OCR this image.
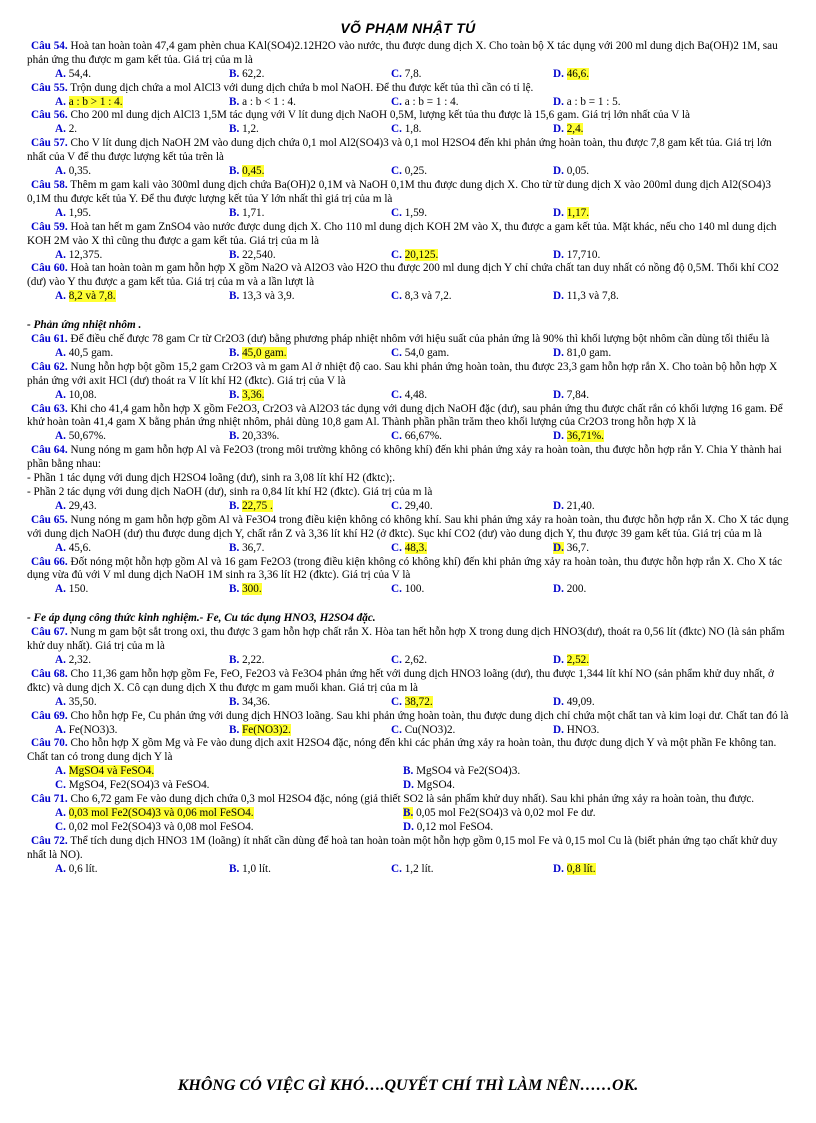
VÕ PHẠM NHẬT TÚ
Câu 54. Hoà tan hoàn toàn 47,4 gam phèn chua KAl(SO4)2.12H2O vào nước, thu được dung dịch X. Cho toàn bộ X tác dụng với 200 ml dung dịch Ba(OH)2 1M, sau phản ứng thu được m gam kết tủa. Giá trị của m là
A. 54,4.	B. 62,2.	C. 7,8.	D. 46,6.
Câu 55. Trộn dung dịch chứa a mol AlCl3 với dung dịch chứa b mol NaOH. Để thu được kết tủa thì cần có tỉ lệ.
A. a : b > 1 : 4.	B. a : b < 1 : 4.	C. a : b = 1 : 4.	D. a : b = 1 : 5.
Câu 56. Cho 200 ml dung dịch AlCl3 1,5M tác dụng với V lít dung dịch NaOH 0,5M, lượng kết tủa thu được là 15,6 gam. Giá trị lớn nhất của V là
A. 2.	B. 1,2.	C. 1,8.	D. 2,4.
Câu 57. Cho V lít dung dịch NaOH 2M vào dung dịch chứa 0,1 mol Al2(SO4)3 và 0,1 mol H2SO4 đến khi phản ứng hoàn toàn, thu được 7,8 gam kết tủa. Giá trị lớn nhất của V để thu được lượng kết tủa trên là
A. 0,35.	B. 0,45.	C. 0,25.	D. 0,05.
Câu 58. Thêm m gam kali vào 300ml dung dịch chứa Ba(OH)2 0,1M và NaOH 0,1M thu được dung dịch X. Cho từ từ dung dịch X vào 200ml dung dịch Al2(SO4)3 0,1M thu được kết tủa Y. Để thu được lượng kết tủa Y lớn nhất thì giá trị của m là
A. 1,95.	B. 1,71.	C. 1,59.	D. 1,17.
Câu 59. Hoà tan hết m gam ZnSO4 vào nước được dung dịch X. Cho 110 ml dung dịch KOH 2M vào X, thu được a gam kết tủa. Mặt khác, nếu cho 140 ml dung dịch KOH 2M vào X thì cũng thu được a gam kết tủa. Giá trị của m là
A. 12,375.	B. 22,540.	C. 20,125.	D. 17,710.
Câu 60. Hoà tan hoàn toàn m gam hỗn hợp X gồm Na2O và Al2O3 vào H2O thu được 200 ml dung dịch Y chỉ chứa chất tan duy nhất có nồng độ 0,5M. Thổi khí CO2 (dư) vào Y thu được a gam kết tủa. Giá trị của m và a lần lượt là
A. 8,2 và 7,8.	B. 13,3 và 3,9.	C. 8,3 và 7,2.	D. 11,3 và 7,8.
- Phản ứng nhiệt nhôm .
Câu 61. Để điều chế được 78 gam Cr từ Cr2O3 (dư) bằng phương pháp nhiệt nhôm với hiệu suất của phản ứng là 90% thì khối lượng bột nhôm cần dùng tối thiểu là
A. 40,5 gam.	B. 45,0 gam.	C. 54,0 gam.	D. 81,0 gam.
Câu 62. Nung hỗn hợp bột gồm 15,2 gam Cr2O3 và m gam Al ở nhiệt độ cao. Sau khi phản ứng hoàn toàn, thu được 23,3 gam hỗn hợp rắn X. Cho toàn bộ hỗn hợp X phản ứng với axit HCl (dư) thoát ra V lít khí H2 (đktc). Giá trị của V là
A. 10,08.	B. 3,36.	C. 4,48.	D. 7,84.
Câu 63. Khi cho 41,4 gam hỗn hợp X gồm Fe2O3, Cr2O3 và Al2O3 tác dụng với dung dịch NaOH đặc (dư), sau phản ứng thu được chất rắn có khối lượng 16 gam. Để khử hoàn toàn 41,4 gam X bằng phản ứng nhiệt nhôm, phải dùng 10,8 gam Al. Thành phần phần trăm theo khối lượng của Cr2O3 trong hỗn hợp X là
A. 50,67%.	B. 20,33%.	C. 66,67%.	D. 36,71%.
Câu 64. Nung nóng m gam hỗn hợp Al và Fe2O3 (trong môi trường không có không khí) đến khi phản ứng xảy ra hoàn toàn, thu được hỗn hợp rắn Y. Chia Y thành hai phần bằng nhau:
- Phần 1 tác dụng với dung dịch H2SO4 loãng (dư), sinh ra 3,08 lít khí H2 (đktc);.
- Phần 2 tác dụng với dung dịch NaOH (dư), sinh ra 0,84 lít khí H2 (đktc). Giá trị của m là
A. 29,43.	B. 22,75 .	C. 29,40.	D. 21,40.
Câu 65. Nung nóng m gam hỗn hợp gồm Al và Fe3O4 trong điều kiện không có không khí. Sau khi phản ứng xảy ra hoàn toàn, thu được hỗn hợp rắn X. Cho X tác dụng với dung dịch NaOH (dư) thu được dung dịch Y, chất rắn Z và 3,36 lít khí H2 (ở đktc). Sục khí CO2 (dư) vào dung dịch Y, thu được 39 gam kết tủa. Giá trị của m là
A. 45,6.	B. 36,7.	C. 48,3.	D. 36,7.
Câu 66. Đốt nóng một hỗn hợp gồm Al và 16 gam Fe2O3 (trong điều kiện không có không khí) đến khi phản ứng xảy ra hoàn toàn, thu được hỗn hợp rắn X. Cho X tác dụng vừa đủ với V ml dung dịch NaOH 1M sinh ra 3,36 lít H2 (đktc). Giá trị của V là
A. 150.	B. 300.	C. 100.	D. 200.
- Fe áp dụng công thức kinh nghiệm.- Fe, Cu tác dụng HNO3, H2SO4 đặc.
Câu 67. Nung m gam bột sắt trong oxi, thu được 3 gam hỗn hợp chất rắn X. Hòa tan hết hỗn hợp X trong dung dịch HNO3(dư), thoát ra 0,56 lít (đktc) NO (là sản phẩm khử duy nhất). Giá trị của m là
A. 2,32.	B. 2,22.	C. 2,62.	D. 2,52.
Câu 68. Cho 11,36 gam hỗn hợp gồm Fe, FeO, Fe2O3 và Fe3O4 phản ứng hết với dung dịch HNO3 loãng (dư), thu được 1,344 lít khí NO (sản phẩm khử duy nhất, ở đktc) và dung dịch X. Cô cạn dung dịch X thu được m gam muối khan. Giá trị của m là
A. 35,50.	B. 34,36.	C. 38,72.	D. 49,09.
Câu 69. Cho hỗn hợp Fe, Cu phản ứng với dung dịch HNO3 loãng. Sau khi phản ứng hoàn toàn, thu được dung dịch chỉ chứa một chất tan và kim loại dư. Chất tan đó là
A. Fe(NO3)3.	B. Fe(NO3)2.	C. Cu(NO3)2.	D. HNO3.
Câu 70. Cho hỗn hợp X gồm Mg và Fe vào dung dịch axit H2SO4 đặc, nóng đến khi các phản ứng xảy ra hoàn toàn, thu được dung dịch Y và một phần Fe không tan. Chất tan có trong dung dịch Y là
A. MgSO4 và FeSO4.	B. MgSO4 và Fe2(SO4)3.
C. MgSO4, Fe2(SO4)3 và FeSO4.	D. MgSO4.
Câu 71. Cho 6,72 gam Fe vào dung dịch chứa 0,3 mol H2SO4 đặc, nóng (giả thiết SO2 là sản phẩm khử duy nhất). Sau khi phản ứng xảy ra hoàn toàn, thu được.
A. 0,03 mol Fe2(SO4)3 và 0,06 mol FeSO4.	B. 0,05 mol Fe2(SO4)3 và 0,02 mol Fe dư.
C. 0,02 mol Fe2(SO4)3 và 0,08 mol FeSO4.	D. 0,12 mol FeSO4.
Câu 72. Thể tích dung dịch HNO3 1M (loãng) ít nhất cần dùng để hoà tan hoàn toàn một hỗn hợp gồm 0,15 mol Fe và 0,15 mol Cu là (biết phản ứng tạo chất khử duy nhất là NO).
A. 0,6 lít.	B. 1,0 lít.	C. 1,2 lít.	D. 0,8 lít.
KHÔNG CÓ VIỆC GÌ KHÓ….QUYẾT CHÍ THÌ LÀM NÊN……OK.
